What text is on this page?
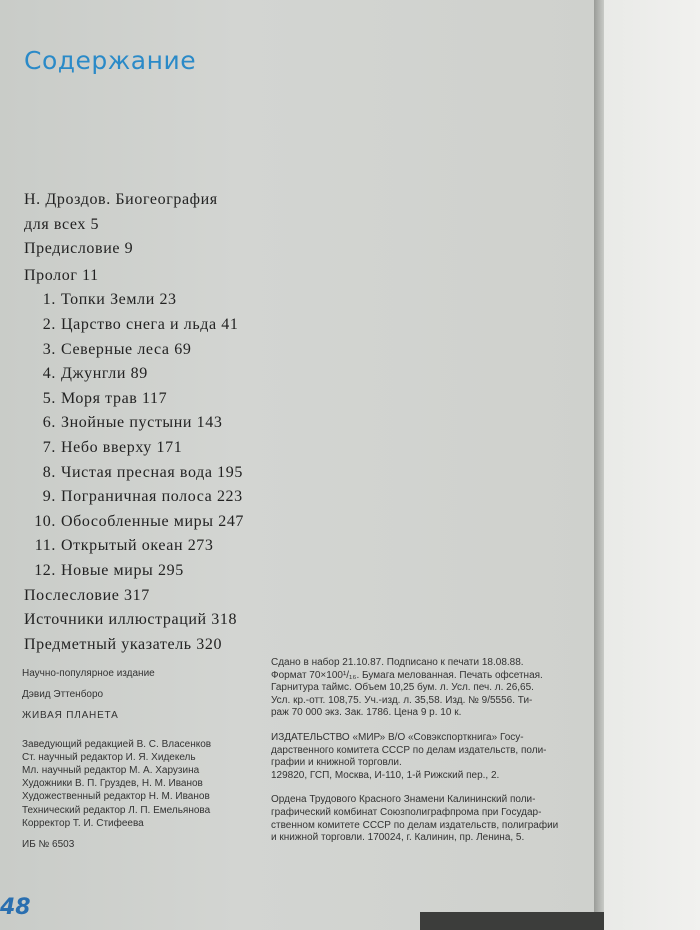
Содержание
Н. Дроздов. Биогеография
для всех 5
Предисловие 9
Пролог 11
1. Топки Земли 23
2. Царство снега и льда 41
3. Северные леса 69
4. Джунгли 89
5. Моря трав 117
6. Знойные пустыни 143
7. Небо вверху 171
8. Чистая пресная вода 195
9. Пограничная полоса 223
10. Обособленные миры 247
11. Открытый океан 273
12. Новые миры 295
Послесловие 317
Источники иллюстраций 318
Предметный указатель 320
Научно-популярное издание
Дэвид Эттенборо
ЖИВАЯ ПЛАНЕТА
Заведующий редакцией В. С. Власенков
Ст. научный редактор И. Я. Хидекель
Мл. научный редактор М. А. Харузина
Художники В. П. Груздев, Н. М. Иванов
Художественный редактор Н. М. Иванов
Технический редактор Л. П. Емельянова
Корректор Т. И. Стифеева
ИБ № 6503

Сдано в набор 21.10.87. Подписано к печати 18.08.88.
Формат 70×100¹/₁₆. Бумага мелованная. Печать офсетная.
Гарнитура таймс. Объем 10,25 бум. л. Усл. печ. л. 26,65.
Усл. кр.-отт. 108,75. Уч.-изд. л. 35,58. Изд. № 9/5556. Ти-
раж 70 000 экз. Зак. 1786. Цена 9 р. 10 к.

ИЗДАТЕЛЬСТВО «МИР» В/О «Совэкспорткнига» Госу-
дарственного комитета СССР по делам издательств, поли-
графии и книжной торговли.
129820, ГСП, Москва, И-110, 1-й Рижский пер., 2.

Ордена Трудового Красного Знамени Калининский поли-
графический комбинат Союзполиграфпрома при Государ-
ственном комитете СССР по делам издательств, полиграфии
и книжной торговли. 170024, г. Калинин, пр. Ленина, 5.

48
